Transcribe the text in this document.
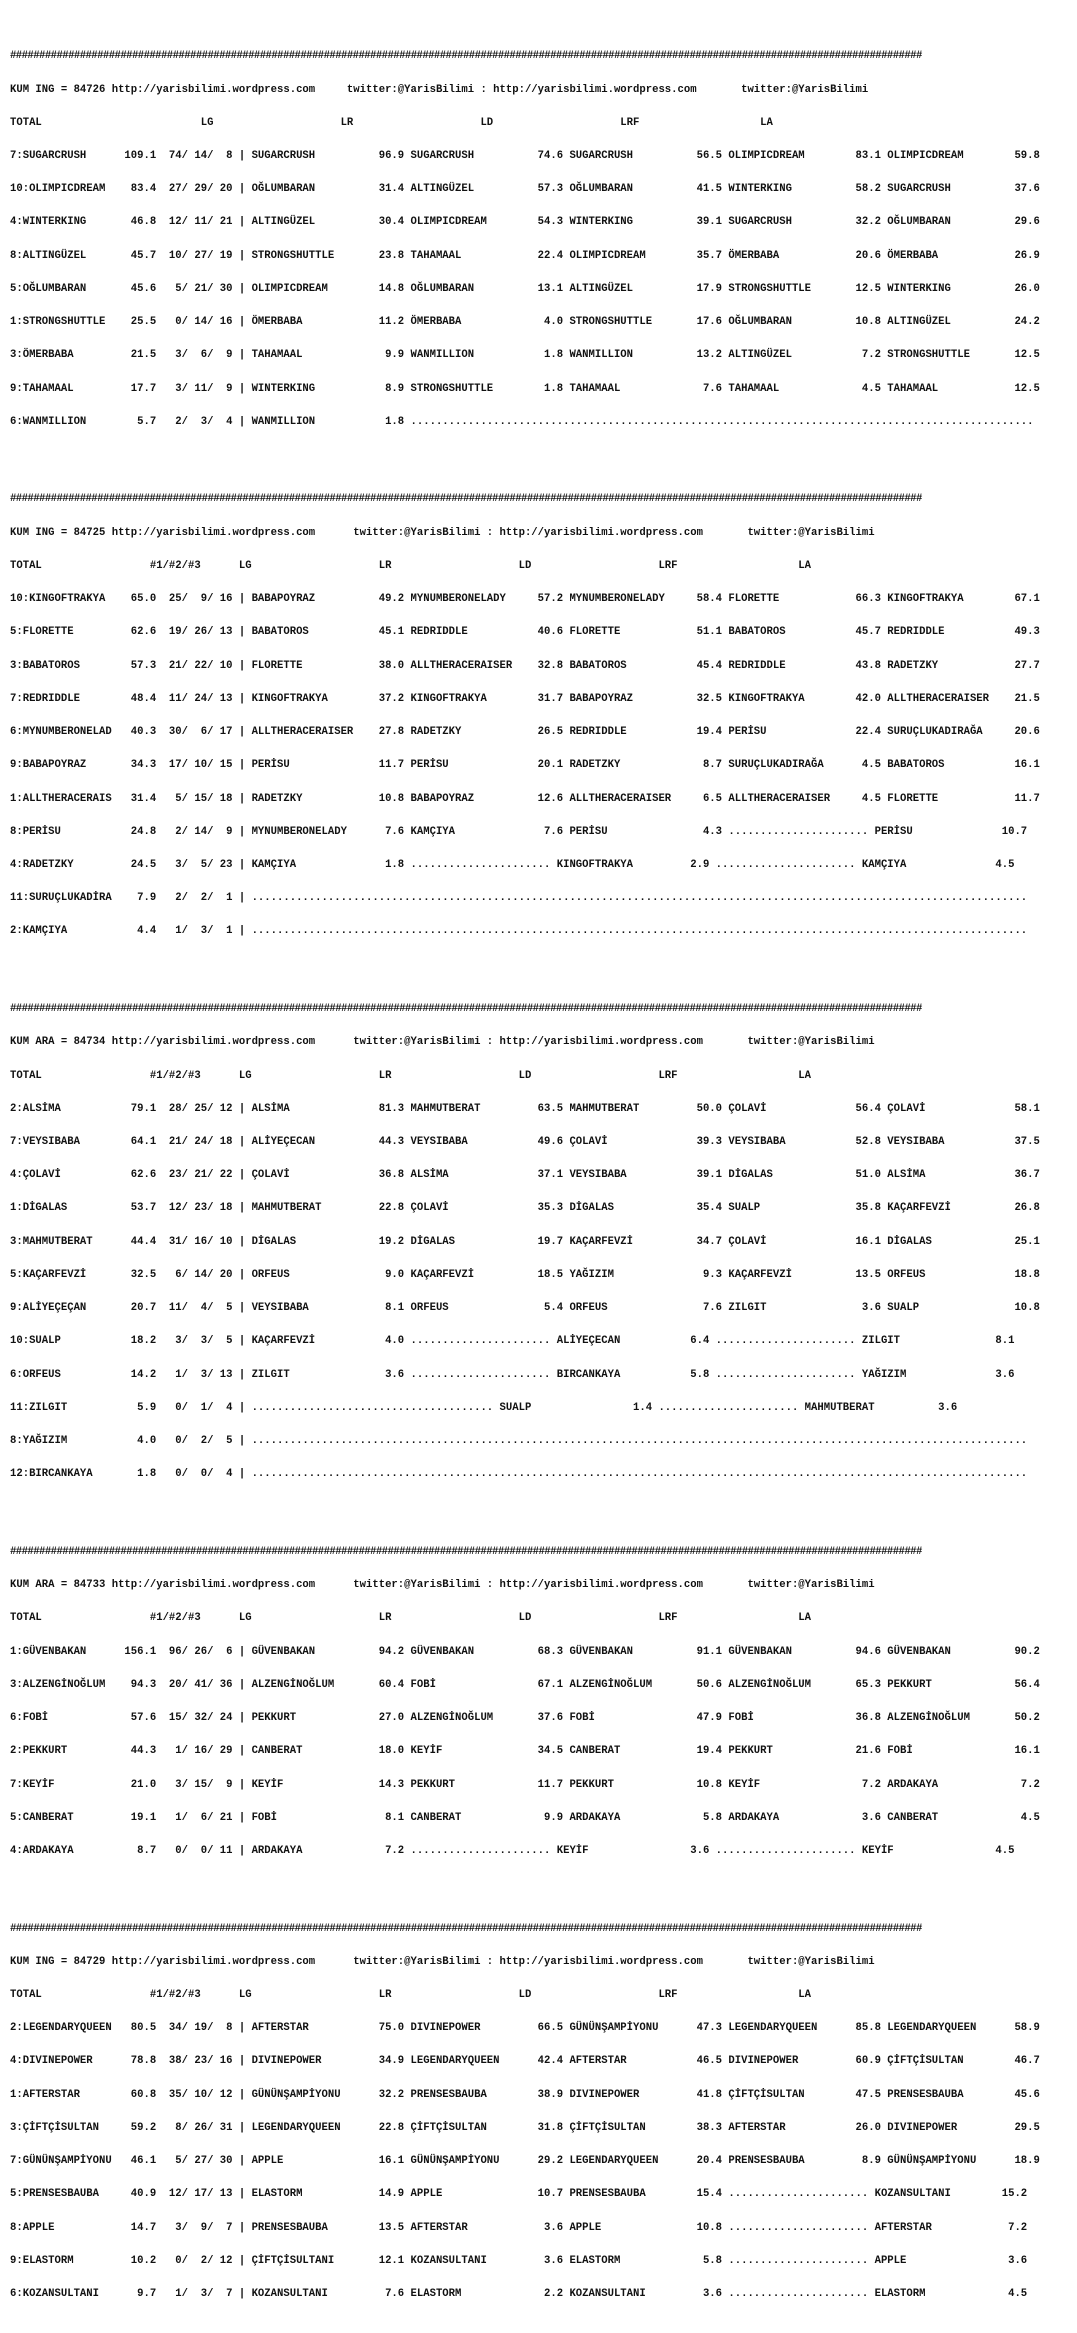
#############################################################################################################################################################

KUM ING = 84726 http://yarisbilimi.wordpress.com     twitter:@YarisBilimi : http://yarisbilimi.wordpress.com       twitter:@YarisBilimi

TOTAL                         LG                    LR                    LD                    LRF                   LA

7:SUGARCRUSH      109.1  74/ 14/  8 | SUGARCRUSH          96.9 SUGARCRUSH          74.6 SUGARCRUSH          56.5 OLIMPICDREAM        83.1 OLIMPICDREAM        59.8

10:OLIMPICDREAM    83.4  27/ 29/ 20 | OĞLUMBARAN          31.4 ALTINGÜZEL          57.3 OĞLUMBARAN          41.5 WINTERKING          58.2 SUGARCRUSH          37.6

4:WINTERKING       46.8  12/ 11/ 21 | ALTINGÜZEL          30.4 OLIMPICDREAM        54.3 WINTERKING          39.1 SUGARCRUSH          32.2 OĞLUMBARAN          29.6

8:ALTINGÜZEL       45.7  10/ 27/ 19 | STRONGSHUTTLE       23.8 TAHAMAAL            22.4 OLIMPICDREAM        35.7 ÖMERBABA            20.6 ÖMERBABA            26.9

5:OĞLUMBARAN       45.6   5/ 21/ 30 | OLIMPICDREAM        14.8 OĞLUMBARAN          13.1 ALTINGÜZEL          17.9 STRONGSHUTTLE       12.5 WINTERKING          26.0

1:STRONGSHUTTLE    25.5   0/ 14/ 16 | ÖMERBABA            11.2 ÖMERBABA             4.0 STRONGSHUTTLE       17.6 OĞLUMBARAN          10.8 ALTINGÜZEL          24.2

3:ÖMERBABA         21.5   3/  6/  9 | TAHAMAAL             9.9 WANMILLION           1.8 WANMILLION          13.2 ALTINGÜZEL           7.2 STRONGSHUTTLE       12.5

9:TAHAMAAL         17.7   3/ 11/  9 | WINTERKING           8.9 STRONGSHUTTLE        1.8 TAHAMAAL             7.6 TAHAMAAL             4.5 TAHAMAAL            12.5

6:WANMILLION        5.7   2/  3/  4 | WANMILLION           1.8 ..................................................................................................

#############################################################################################################################################################

KUM ING = 84725 http://yarisbilimi.wordpress.com      twitter:@YarisBilimi : http://yarisbilimi.wordpress.com       twitter:@YarisBilimi

TOTAL                 #1/#2/#3      LG                    LR                    LD                    LRF                   LA

10:KINGOFTRAKYA    65.0  25/  9/ 16 | BABAPOYRAZ          49.2 MYNUMBERONELADY     57.2 MYNUMBERONELADY     58.4 FLORETTE            66.3 KINGOFTRAKYA        67.1

5:FLORETTE         62.6  19/ 26/ 13 | BABATOROS           45.1 REDRIDDLE           40.6 FLORETTE            51.1 BABATOROS           45.7 REDRIDDLE           49.3

3:BABATOROS        57.3  21/ 22/ 10 | FLORETTE            38.0 ALLTHERACERAISER    32.8 BABATOROS           45.4 REDRIDDLE           43.8 RADETZKY            27.7

7:REDRIDDLE        48.4  11/ 24/ 13 | KINGOFTRAKYA        37.2 KINGOFTRAKYA        31.7 BABAPOYRAZ          32.5 KINGOFTRAKYA        42.0 ALLTHERACERAISER    21.5

6:MYNUMBERONELAD   40.3  30/  6/ 17 | ALLTHERACERAISER    27.8 RADETZKY            26.5 REDRIDDLE           19.4 PERİSU              22.4 SURUÇLUKADIRAĞA     20.6

9:BABAPOYRAZ       34.3  17/ 10/ 15 | PERİSU              11.7 PERİSU              20.1 RADETZKY             8.7 SURUÇLUKADIRAĞA      4.5 BABATOROS           16.1

1:ALLTHERACERAIS   31.4   5/ 15/ 18 | RADETZKY            10.8 BABAPOYRAZ          12.6 ALLTHERACERAISER     6.5 ALLTHERACERAISER     4.5 FLORETTE            11.7

8:PERİSU           24.8   2/ 14/  9 | MYNUMBERONELADY      7.6 KAMÇIYA              7.6 PERİSU               4.3 ...................... PERİSU              10.7

4:RADETZKY         24.5   3/  5/ 23 | KAMÇIYA              1.8 ...................... KINGOFTRAKYA         2.9 ...................... KAMÇIYA              4.5

11:SURUÇLUKADİRA    7.9   2/  2/  1 | ..........................................................................................................................

2:KAMÇIYA           4.4   1/  3/  1 | ..........................................................................................................................

#############################################################################################################################################################

KUM ARA = 84734 http://yarisbilimi.wordpress.com      twitter:@YarisBilimi : http://yarisbilimi.wordpress.com       twitter:@YarisBilimi

TOTAL                 #1/#2/#3      LG                    LR                    LD                    LRF                   LA

2:ALSİMA           79.1  28/ 25/ 12 | ALSİMA              81.3 MAHMUTBERAT         63.5 MAHMUTBERAT         50.0 ÇOLAVİ              56.4 ÇOLAVİ              58.1

7:VEYSIBABA        64.1  21/ 24/ 18 | ALİYEÇECAN          44.3 VEYSIBABA           49.6 ÇOLAVİ              39.3 VEYSIBABA           52.8 VEYSIBABA           37.5

4:ÇOLAVİ           62.6  23/ 21/ 22 | ÇOLAVİ              36.8 ALSİMA              37.1 VEYSIBABA           39.1 DİGALAS             51.0 ALSİMA              36.7

1:DİGALAS          53.7  12/ 23/ 18 | MAHMUTBERAT         22.8 ÇOLAVİ              35.3 DİGALAS             35.4 SUALP               35.8 KAÇARFEVZİ          26.8

3:MAHMUTBERAT      44.4  31/ 16/ 10 | DİGALAS             19.2 DİGALAS             19.7 KAÇARFEVZİ          34.7 ÇOLAVİ              16.1 DİGALAS             25.1

5:KAÇARFEVZİ       32.5   6/ 14/ 20 | ORFEUS               9.0 KAÇARFEVZİ          18.5 YAĞIZIM              9.3 KAÇARFEVZİ          13.5 ORFEUS              18.8

9:ALİYEÇEÇAN       20.7  11/  4/  5 | VEYSIBABA            8.1 ORFEUS               5.4 ORFEUS               7.6 ZILGIT               3.6 SUALP               10.8

10:SUALP           18.2   3/  3/  5 | KAÇARFEVZİ           4.0 ...................... ALİYEÇECAN           6.4 ...................... ZILGIT               8.1

6:ORFEUS           14.2   1/  3/ 13 | ZILGIT               3.6 ...................... BIRCANKAYA           5.8 ...................... YAĞIZIM              3.6

11:ZILGIT           5.9   0/  1/  4 | ...................................... SUALP                1.4 ...................... MAHMUTBERAT          3.6

8:YAĞIZIM           4.0   0/  2/  5 | ..........................................................................................................................

12:BIRCANKAYA       1.8   0/  0/  4 | ..........................................................................................................................

#############################################################################################################################################################

KUM ARA = 84733 http://yarisbilimi.wordpress.com      twitter:@YarisBilimi : http://yarisbilimi.wordpress.com       twitter:@YarisBilimi

TOTAL                 #1/#2/#3      LG                    LR                    LD                    LRF                   LA

1:GÜVENBAKAN      156.1  96/ 26/  6 | GÜVENBAKAN          94.2 GÜVENBAKAN          68.3 GÜVENBAKAN          91.1 GÜVENBAKAN          94.6 GÜVENBAKAN          90.2

3:ALZENGİNOĞLUM    94.3  20/ 41/ 36 | ALZENGİNOĞLUM       60.4 FOBİ                67.1 ALZENGİNOĞLUM       50.6 ALZENGİNOĞLUM       65.3 PEKKURT             56.4

6:FOBİ             57.6  15/ 32/ 24 | PEKKURT             27.0 ALZENGİNOĞLUM       37.6 FOBİ                47.9 FOBİ                36.8 ALZENGİNOĞLUM       50.2

2:PEKKURT          44.3   1/ 16/ 29 | CANBERAT            18.0 KEYİF               34.5 CANBERAT            19.4 PEKKURT             21.6 FOBİ                16.1

7:KEYİF            21.0   3/ 15/  9 | KEYİF               14.3 PEKKURT             11.7 PEKKURT             10.8 KEYİF                7.2 ARDAKAYA             7.2

5:CANBERAT         19.1   1/  6/ 21 | FOBİ                 8.1 CANBERAT             9.9 ARDAKAYA             5.8 ARDAKAYA             3.6 CANBERAT             4.5

4:ARDAKAYA          8.7   0/  0/ 11 | ARDAKAYA             7.2 ...................... KEYİF                3.6 ...................... KEYİF                4.5

#############################################################################################################################################################

KUM ING = 84729 http://yarisbilimi.wordpress.com      twitter:@YarisBilimi : http://yarisbilimi.wordpress.com       twitter:@YarisBilimi

TOTAL                 #1/#2/#3      LG                    LR                    LD                    LRF                   LA

2:LEGENDARYQUEEN   80.5  34/ 19/  8 | AFTERSTAR           75.0 DIVINEPOWER         66.5 GÜNÜNŞAMPİYONU      47.3 LEGENDARYQUEEN      85.8 LEGENDARYQUEEN      58.9

4:DIVINEPOWER      78.8  38/ 23/ 16 | DIVINEPOWER         34.9 LEGENDARYQUEEN      42.4 AFTERSTAR           46.5 DIVINEPOWER         60.9 ÇİFTÇİSULTAN        46.7

1:AFTERSTAR        60.8  35/ 10/ 12 | GÜNÜNŞAMPİYONU      32.2 PRENSESBAUBA        38.9 DIVINEPOWER         41.8 ÇİFTÇİSULTAN        47.5 PRENSESBAUBA        45.6

3:ÇİFTÇİSULTAN     59.2   8/ 26/ 31 | LEGENDARYQUEEN      22.8 ÇİFTÇİSULTAN        31.8 ÇİFTÇİSULTAN        38.3 AFTERSTAR           26.0 DIVINEPOWER         29.5

7:GÜNÜNŞAMPİYONU   46.1   5/ 27/ 30 | APPLE               16.1 GÜNÜNŞAMPİYONU      29.2 LEGENDARYQUEEN      20.4 PRENSESBAUBA         8.9 GÜNÜNŞAMPİYONU      18.9

5:PRENSESBAUBA     40.9  12/ 17/ 13 | ELASTORM            14.9 APPLE               10.7 PRENSESBAUBA        15.4 ...................... KOZANSULTANI        15.2

8:APPLE            14.7   3/  9/  7 | PRENSESBAUBA        13.5 AFTERSTAR            3.6 APPLE               10.8 ...................... AFTERSTAR            7.2

9:ELASTORM         10.2   0/  2/ 12 | ÇİFTÇİSULTANI       12.1 KOZANSULTANI         3.6 ELASTORM             5.8 ...................... APPLE                3.6

6:KOZANSULTANI      9.7   1/  3/  7 | KOZANSULTANI         7.6 ELASTORM             2.2 KOZANSULTANI         3.6 ...................... ELASTORM             4.5
